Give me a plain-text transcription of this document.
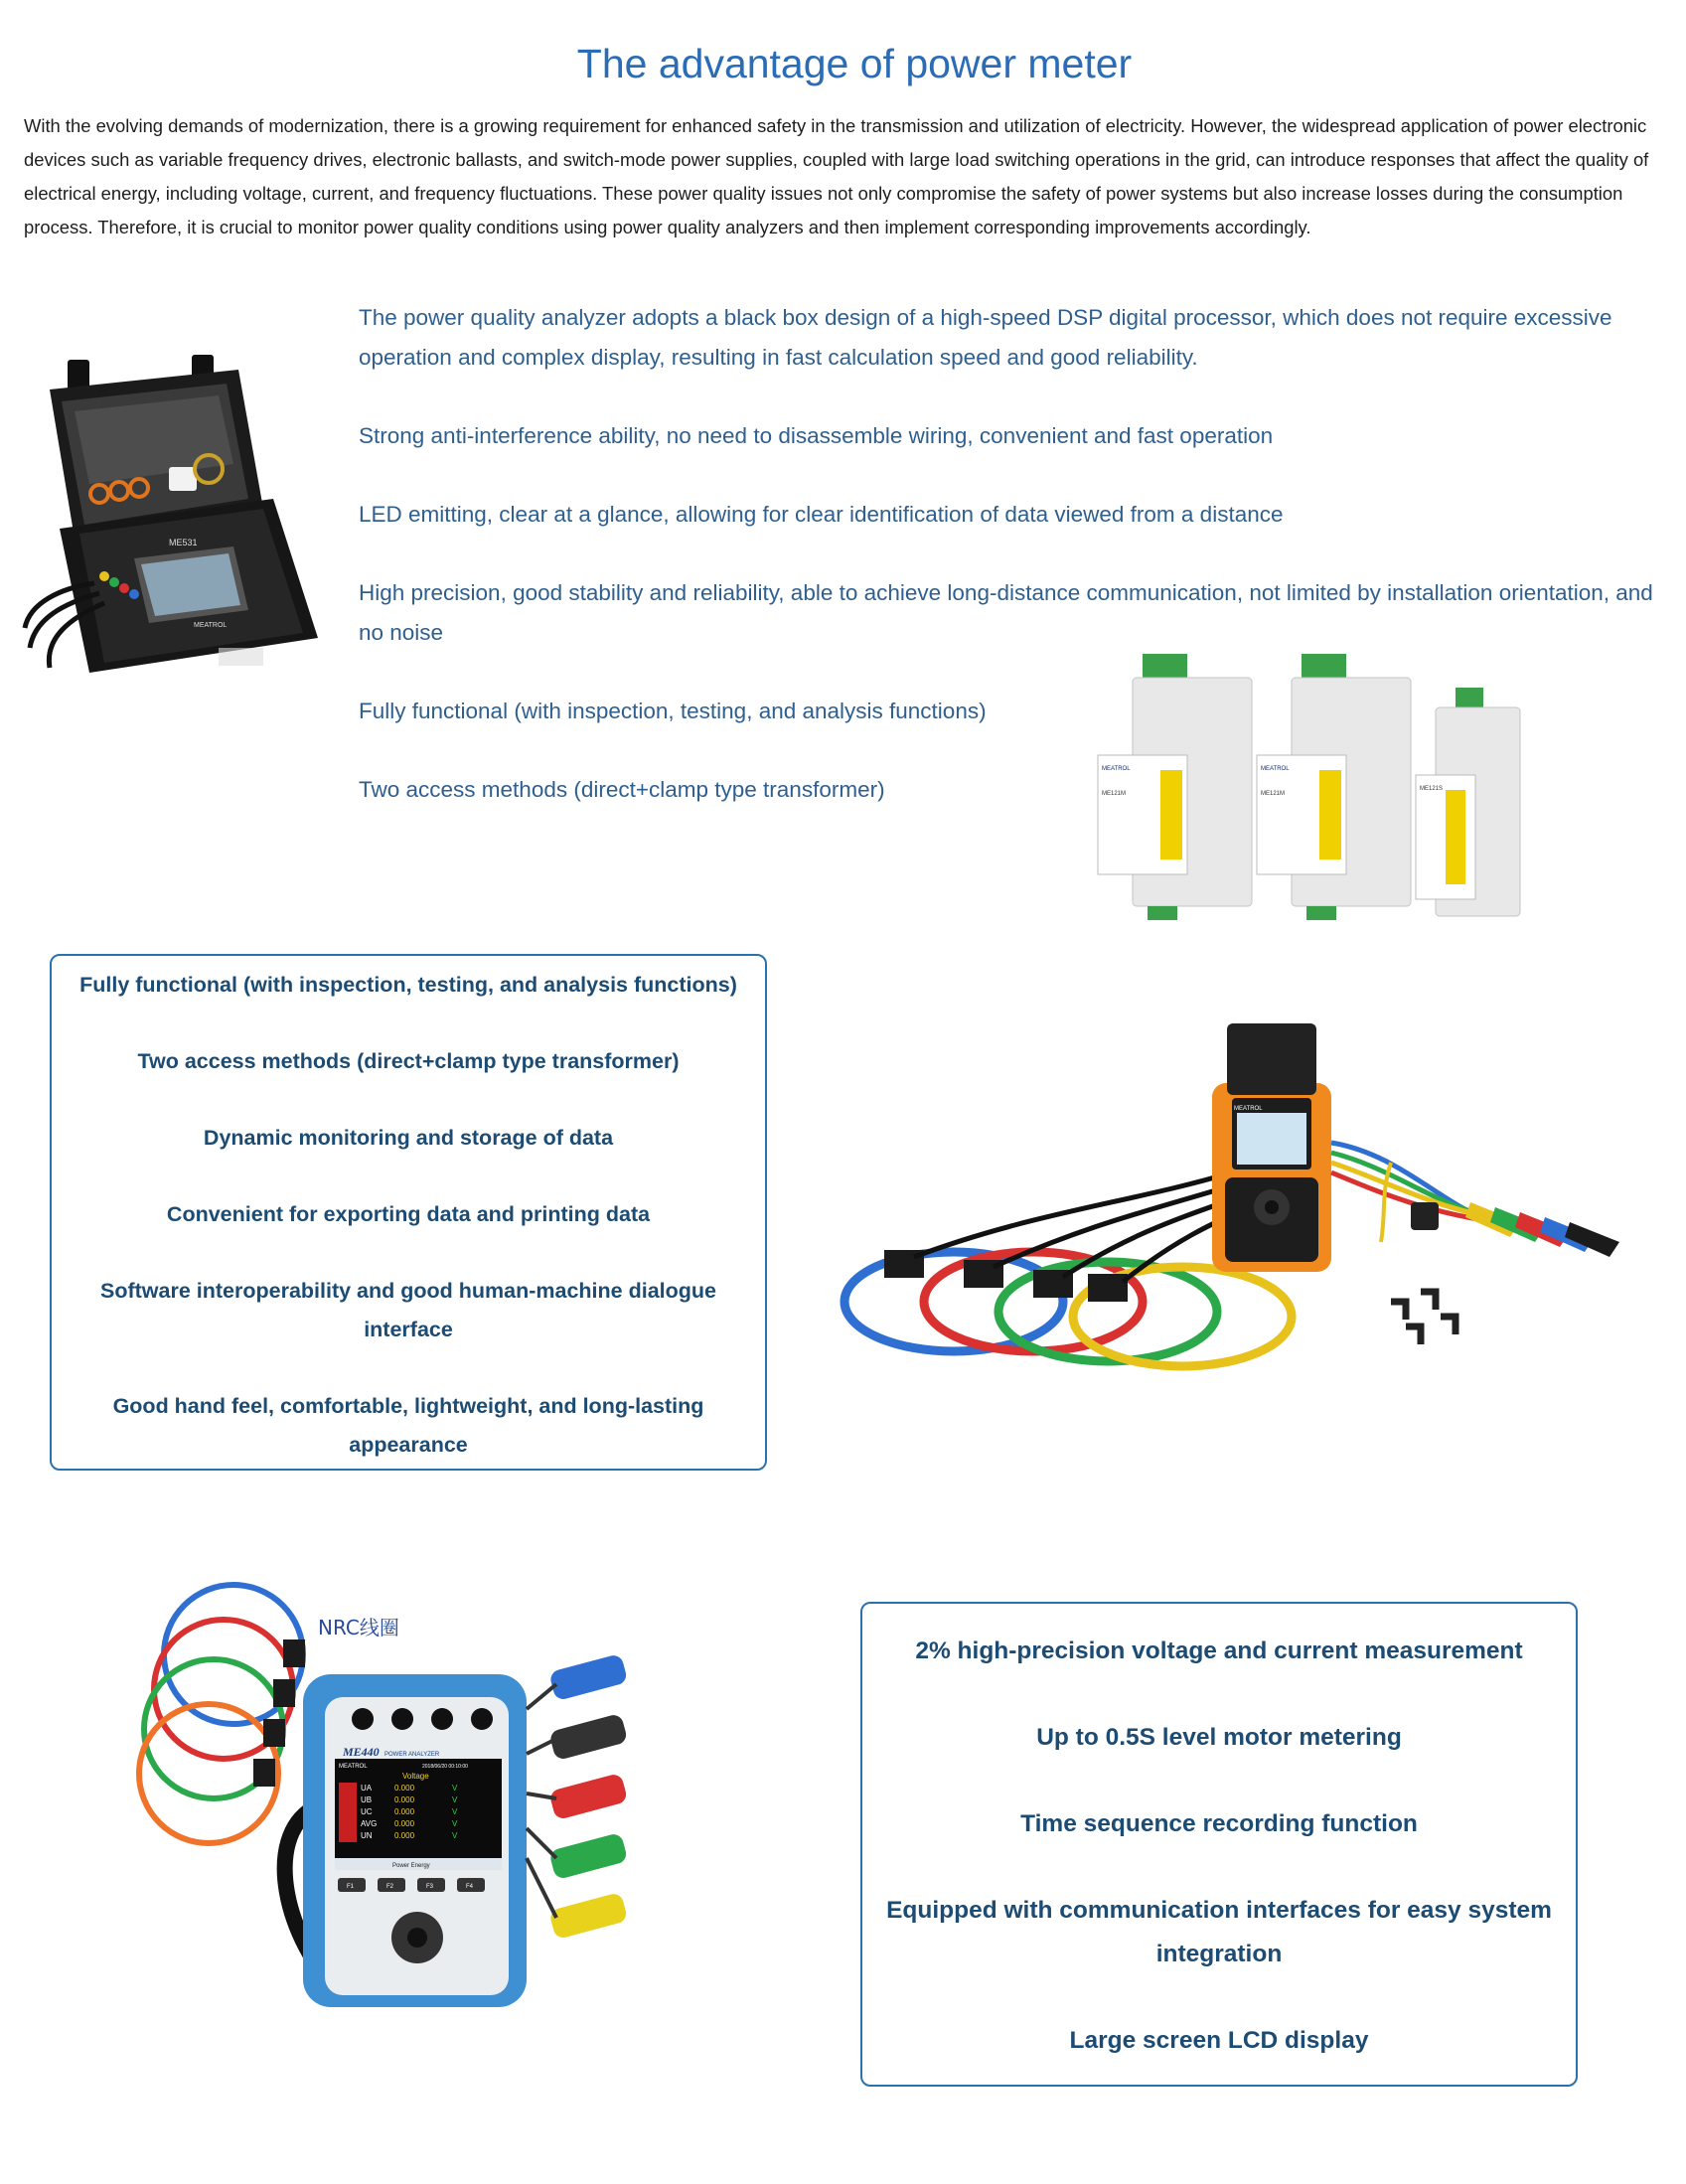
The advantage of power meter
With the evolving demands of modernization, there is a growing requirement for enhanced safety in the transmission and utilization of electricity. However, the widespread application of power electronic devices such as variable frequency drives, electronic ballasts, and switch-mode power supplies, coupled with large load switching operations in the grid, can introduce responses that affect the quality of electrical energy, including voltage, current, and frequency fluctuations. These power quality issues not only compromise the safety of power systems but also increase losses during the consumption process. Therefore, it is crucial to monitor power quality conditions using power quality analyzers and then implement corresponding improvements accordingly.
ME531
MEATROL

The power quality analyzer adopts a black box design of a high-speed DSP digital processor, which does not require excessive operation and complex display, resulting in fast calculation speed and good reliability.

Strong anti-interference ability, no need to disassemble wiring, convenient and fast operation

LED emitting, clear at a glance, allowing for clear identification of data viewed from a distance

High precision, good stability and reliability, able to achieve long-distance communication, not limited by installation orientation, and no noise

Fully functional (with inspection, testing, and analysis functions)

Two access methods (direct+clamp type transformer)

MEATROL
ME121M
MEATROL
ME121M
ME121S

Fully functional (with inspection, testing, and analysis functions)

Two access methods (direct+clamp type transformer)

Dynamic monitoring and storage of data

Convenient for exporting data and printing data

Software interoperability and good human-machine dialogue interface

Good hand feel, comfortable, lightweight, and long-lasting appearance

MEATROL
NRC线圈
ME440 POWER ANALYZER
MEATROL	2018/06/20 00:10:00
Voltage
UA	0.000	V
UB	0.000	V
UC	0.000	V
AVG 0.000	V
UN	0.000	V
Power Energy
F1	F2	F3	F4

2% high-precision voltage and current measurement

Up to 0.5S level motor metering

Time sequence recording function

Equipped with communication interfaces for easy system integration

Large screen LCD display
